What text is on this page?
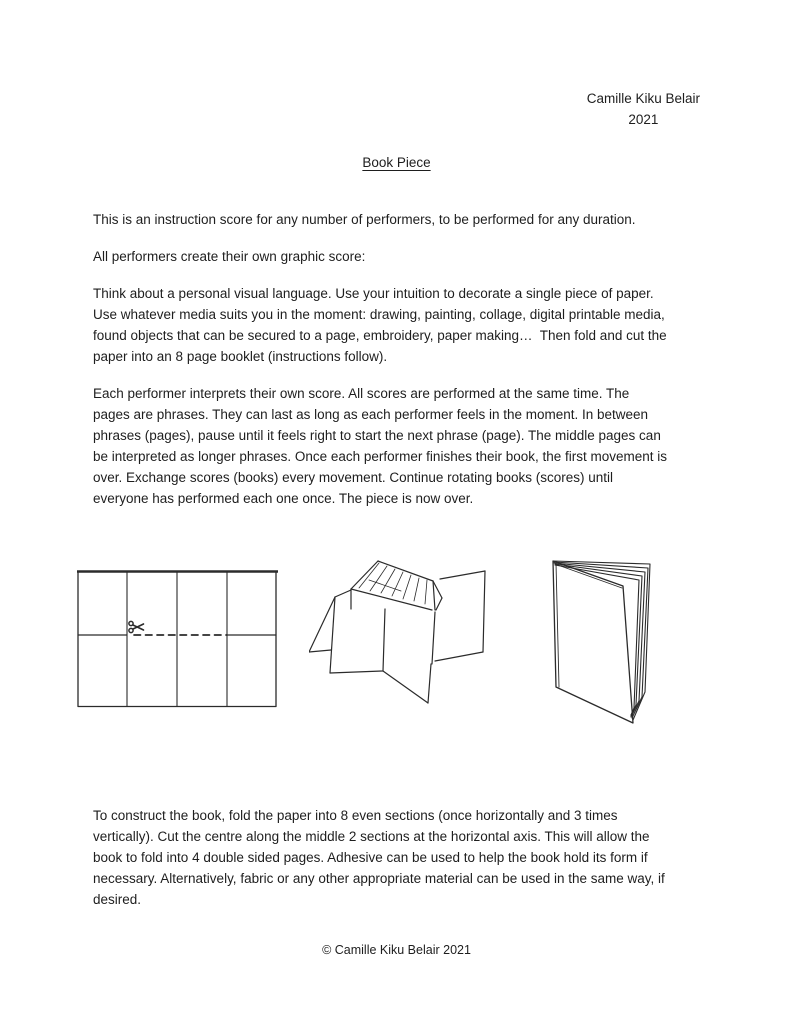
Camille Kiku Belair
2021
Book Piece
This is an instruction score for any number of performers, to be performed for any duration.
All performers create their own graphic score:
Think about a personal visual language. Use your intuition to decorate a single piece of paper.
Use whatever media suits you in the moment: drawing, painting, collage, digital printable media,
found objects that can be secured to a page, embroidery, paper making…  Then fold and cut the
paper into an 8 page booklet (instructions follow).
Each performer interprets their own score. All scores are performed at the same time. The
pages are phrases. They can last as long as each performer feels in the moment. In between
phrases (pages), pause until it feels right to start the next phrase (page). The middle pages can
be interpreted as longer phrases. Once each performer finishes their book, the first movement is
over. Exchange scores (books) every movement. Continue rotating books (scores) until
everyone has performed each one once. The piece is now over.
To construct the book, fold the paper into 8 even sections (once horizontally and 3 times
vertically). Cut the centre along the middle 2 sections at the horizontal axis. This will allow the
book to fold into 4 double sided pages. Adhesive can be used to help the book hold its form if
necessary. Alternatively, fabric or any other appropriate material can be used in the same way, if
desired.
© Camille Kiku Belair 2021
